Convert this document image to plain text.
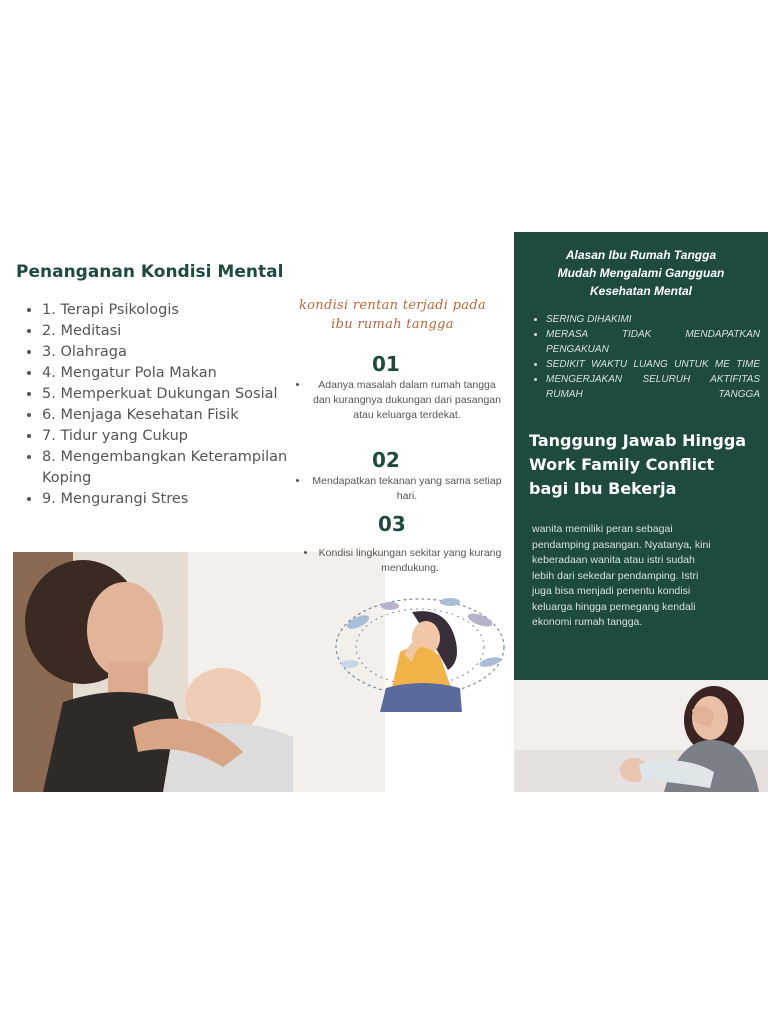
Penanganan Kondisi Mental
• 1. Terapi Psikologis
• 2. Meditasi
• 3. Olahraga
• 4. Mengatur Pola Makan
• 5. Memperkuat Dukungan Sosial
• 6. Menjaga Kesehatan Fisik
• 7. Tidur yang Cukup
• 8. Mengembangkan Keterampilan Koping
• 9. Mengurangi Stres
kondisi rentan terjadi pada
ibu rumah tangga
01
• Adanya masalah dalam rumah tangga dan kurangnya dukungan dari pasangan atau keluarga terdekat.
02
• Mendapatkan tekanan yang sama setiap hari.
03
• Kondisi lingkungan sekitar yang kurang mendukung.
Alasan Ibu Rumah Tangga
Mudah Mengalami Gangguan
Kesehatan Mental
• SERING DIHAKIMI
• MERASA TIDAK MENDAPATKAN PENGAKUAN
• SEDIKIT WAKTU LUANG UNTUK ME TIME
• MENGERJAKAN SELURUH AKTIFITAS RUMAH TANGGA
Tanggung Jawab Hingga
Work Family Conflict
bagi Ibu Bekerja
wanita memiliki peran sebagai
pendamping pasangan. Nyatanya, kini
keberadaan wanita atau istri sudah
lebih dari sekedar pendamping. Istri
juga bisa menjadi penentu kondisi
keluarga hingga pemegang kendali
ekonomi rumah tangga.
